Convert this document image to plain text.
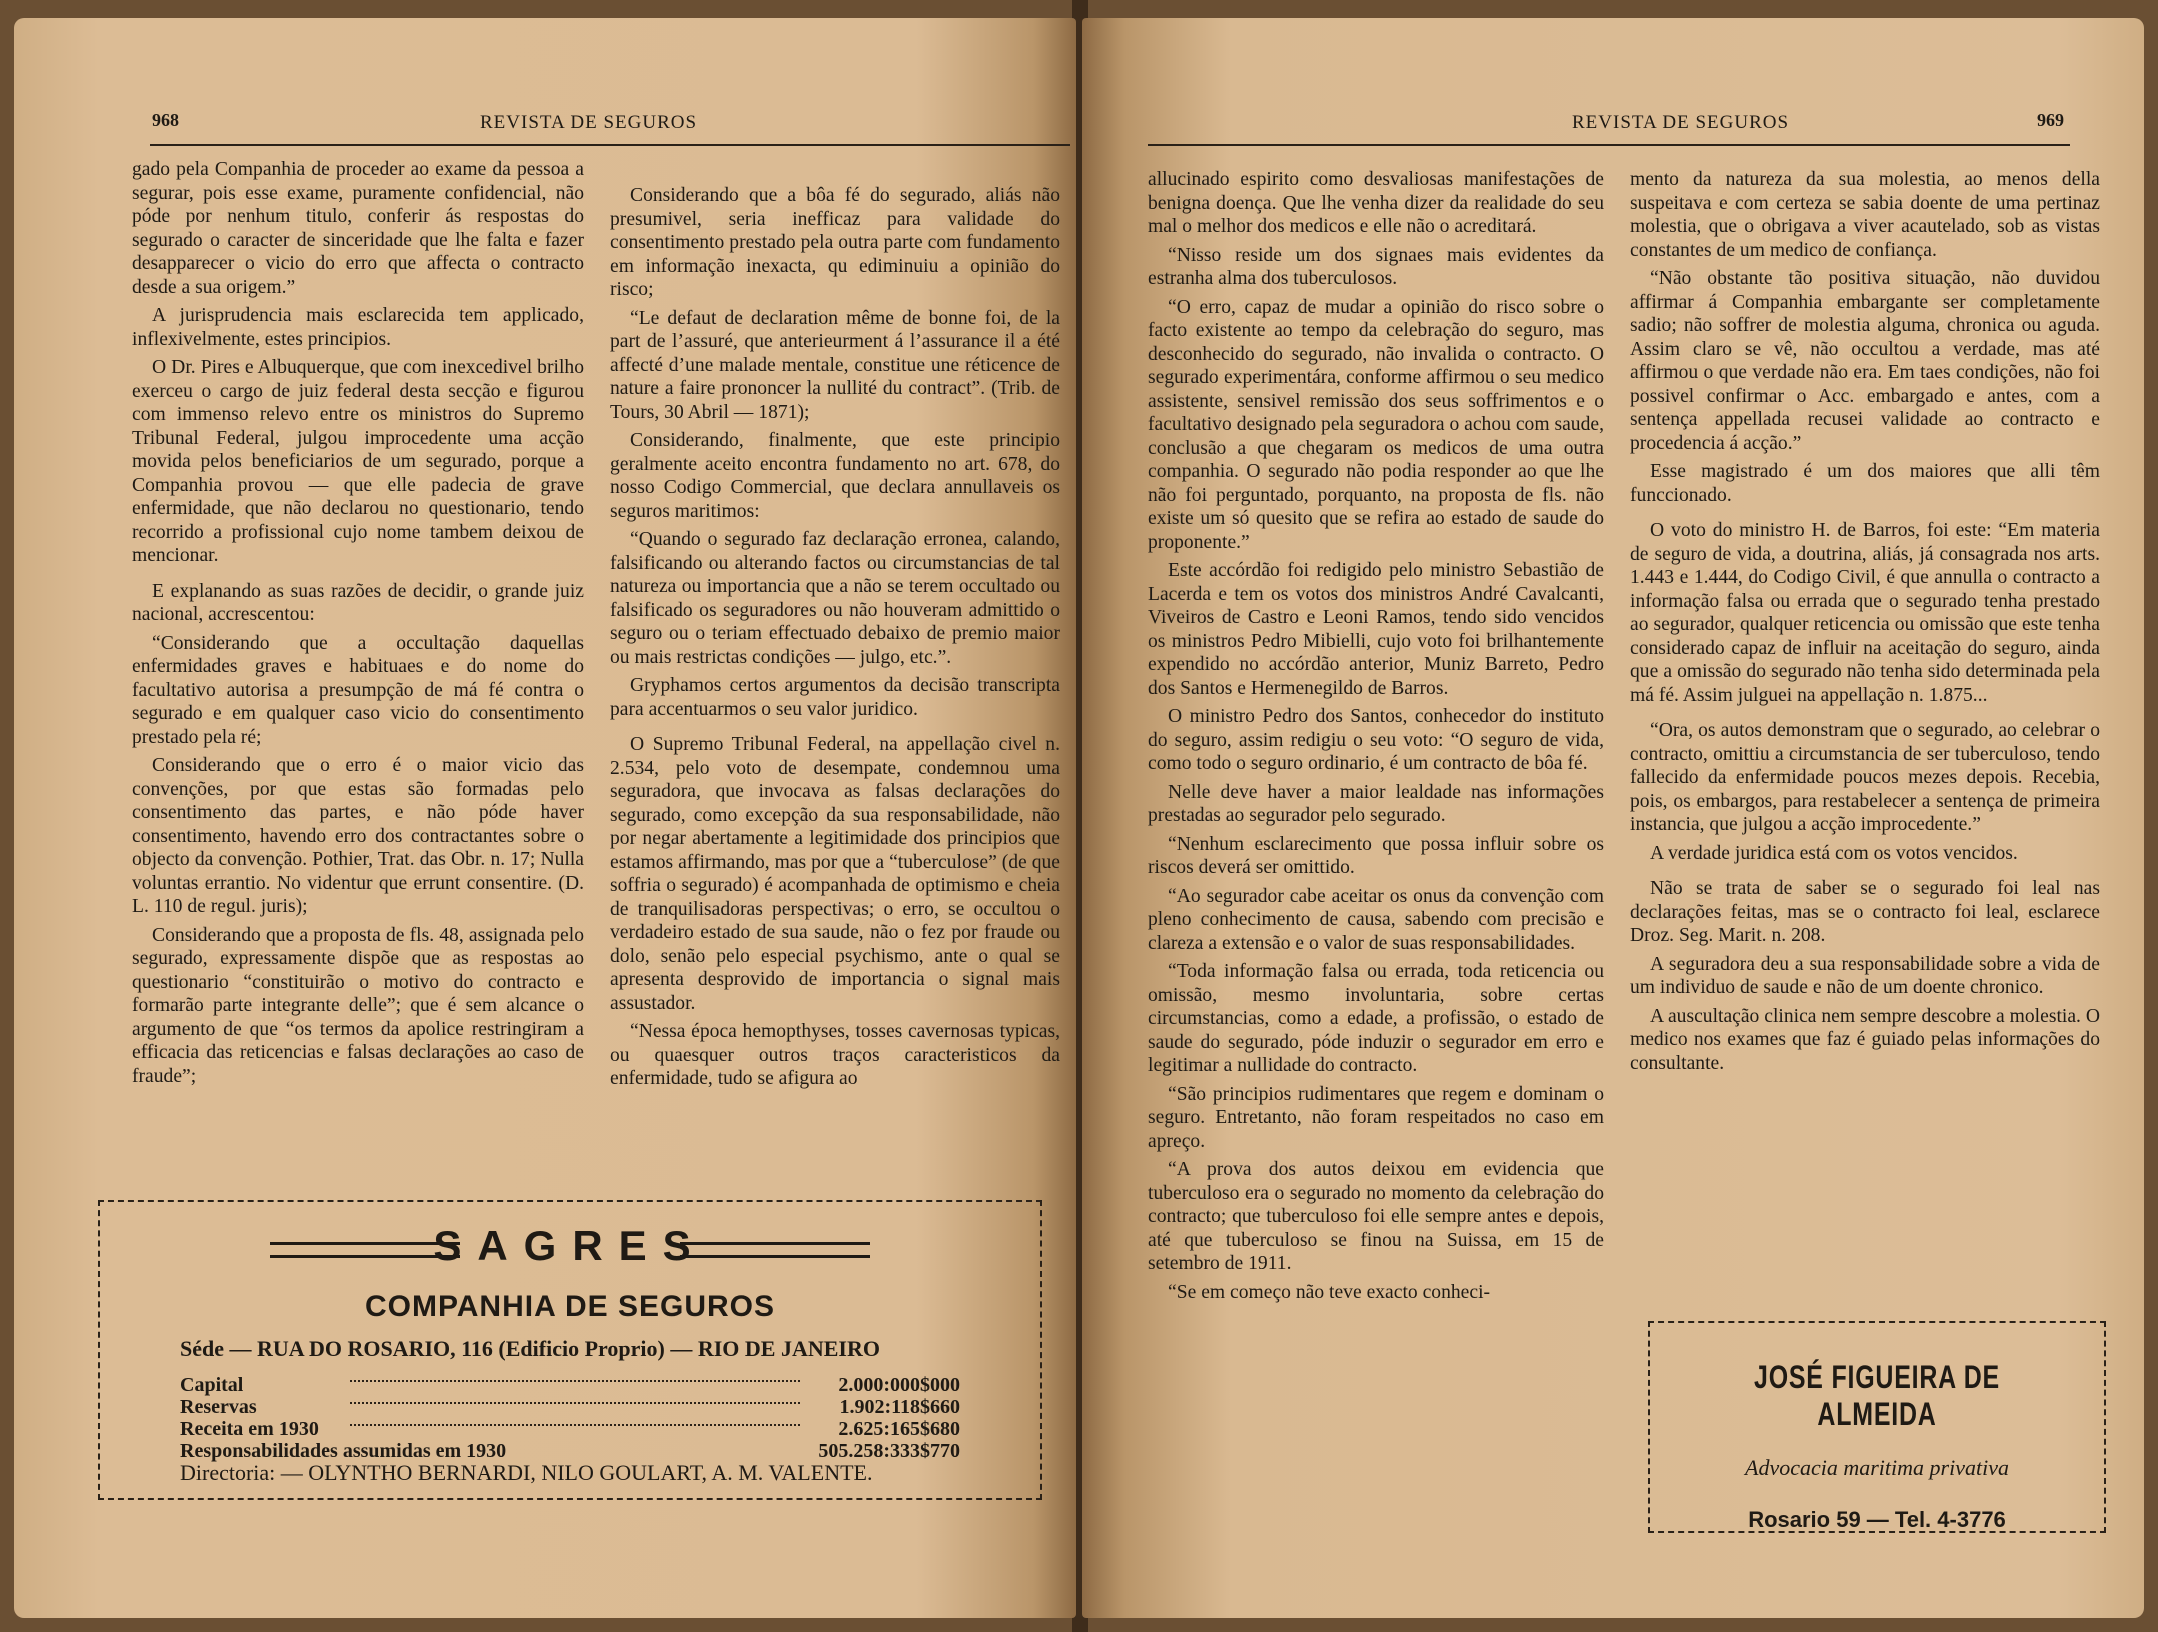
968	REVISTA DE SEGUROS

gado pela Companhia de proceder ao exame da pessoa a segurar, pois esse exame, puramente confidencial, não póde por nenhum titulo, conferir ás respostas do segurado o caracter de sinceridade que lhe falta e fazer desapparecer o vicio do erro que affecta o contracto desde a sua origem.”

A jurisprudencia mais esclarecida tem applicado, inflexivelmente, estes principios.

O Dr. Pires e Albuquerque, que com inexcedivel brilho exerceu o cargo de juiz federal desta secção e figurou com immenso relevo entre os ministros do Supremo Tribunal Federal, julgou improcedente uma acção movida pelos beneficiarios de um segurado, porque a Companhia provou — que elle padecia de grave enfermidade, que não declarou no questionario, tendo recorrido a profissional cujo nome tambem deixou de mencionar.

E explanando as suas razões de decidir, o grande juiz nacional, accrescentou:

“Considerando que a occultação daquellas enfermidades graves e habituaes e do nome do facultativo autorisa a presumpção de má fé contra o segurado e em qualquer caso vicio do consentimento prestado pela ré;

Considerando que o erro é o maior vicio das convenções, por que estas são formadas pelo consentimento das partes, e não póde haver consentimento, havendo erro dos contractantes sobre o objecto da convenção. Pothier, Trat. das Obr. n. 17; Nulla voluntas errantio. No videntur que errunt consentire. (D. L. 110 de regul. juris);

Considerando que a proposta de fls. 48, assignada pelo segurado, expressamente dispõe que as respostas ao questionario “constituirão o motivo do contracto e formarão parte integrante delle”; que é sem alcance o argumento de que “os termos da apolice restringiram a efficacia das reticencias e falsas declarações ao caso de fraude”;

Considerando que a bôa fé do segurado, aliás não presumivel, seria inefficaz para validade do consentimento prestado pela outra parte com fundamento em informação inexacta, qu ediminuiu a opinião do risco;

“Le defaut de declaration même de bonne foi, de la part de l’assuré, que anterieurment á l’assurance il a été affecté d’une malade mentale, constitue une réticence de nature a faire prononcer la nullité du contract”. (Trib. de Tours, 30 Abril — 1871);

Considerando, finalmente, que este principio geralmente aceito encontra fundamento no art. 678, do nosso Codigo Commercial, que declara annullaveis os seguros maritimos:

“Quando o segurado faz declaração erronea, calando, falsificando ou alterando factos ou circumstancias de tal natureza ou importancia que a não se terem occultado ou falsificado os seguradores ou não houveram admittido o seguro ou o teriam effectuado debaixo de premio maior ou mais restrictas condições — julgo, etc.”.

Gryphamos certos argumentos da decisão transcripta para accentuarmos o seu valor juridico.

O Supremo Tribunal Federal, na appellação civel n. 2.534, pelo voto de desempate, condemnou uma seguradora, que invocava as falsas declarações do segurado, como excepção da sua responsabilidade, não por negar abertamente a legitimidade dos principios que estamos affirmando, mas por que a “tuberculose” (de que soffria o segurado) é acompanhada de optimismo e cheia de tranquilisadoras perspectivas; o erro, se occultou o verdadeiro estado de sua saude, não o fez por fraude ou dolo, senão pelo especial psychismo, ante o qual se apresenta desprovido de importancia o signal mais assustador.

“Nessa época hemopthyses, tosses cavernosas typicas, ou quaesquer outros traços caracteristicos da enfermidade, tudo se afigura ao

SAGRES
COMPANHIA DE SEGUROS
Séde — RUA DO ROSARIO, 116 (Edificio Proprio) — RIO DE JANEIRO
Capital	2.000:000$000
Reservas	1.902:118$660
Receita em 1930	2.625:165$680
Responsabilidades assumidas em 1930	505.258:333$770
Directoria: — OLYNTHO BERNARDI, NILO GOULART, A. M. VALENTE.
REVISTA DE SEGUROS	969

allucinado espirito como desvaliosas manifestações de benigna doença. Que lhe venha dizer da realidade do seu mal o melhor dos medicos e elle não o acreditará.

“Nisso reside um dos signaes mais evidentes da estranha alma dos tuberculosos.

“O erro, capaz de mudar a opinião do risco sobre o facto existente ao tempo da celebração do seguro, mas desconhecido do segurado, não invalida o contracto. O segurado experimentára, conforme affirmou o seu medico assistente, sensivel remissão dos seus soffrimentos e o facultativo designado pela seguradora o achou com saude, conclusão a que chegaram os medicos de uma outra companhia. O segurado não podia responder ao que lhe não foi perguntado, porquanto, na proposta de fls. não existe um só quesito que se refira ao estado de saude do proponente.”

Este accórdão foi redigido pelo ministro Sebastião de Lacerda e tem os votos dos ministros André Cavalcanti, Viveiros de Castro e Leoni Ramos, tendo sido vencidos os ministros Pedro Mibielli, cujo voto foi brilhantemente expendido no accórdão anterior, Muniz Barreto, Pedro dos Santos e Hermenegildo de Barros.

O ministro Pedro dos Santos, conhecedor do instituto do seguro, assim redigiu o seu voto: “O seguro de vida, como todo o seguro ordinario, é um contracto de bôa fé.

Nelle deve haver a maior lealdade nas informações prestadas ao segurador pelo segurado.

“Nenhum esclarecimento que possa influir sobre os riscos deverá ser omittido.

“Ao segurador cabe aceitar os onus da convenção com pleno conhecimento de causa, sabendo com precisão e clareza a extensão e o valor de suas responsabilidades.

“Toda informação falsa ou errada, toda reticencia ou omissão, mesmo involuntaria, sobre certas circumstancias, como a edade, a profissão, o estado de saude do segurado, póde induzir o segurador em erro e legitimar a nullidade do contracto.

“São principios rudimentares que regem e dominam o seguro. Entretanto, não foram respeitados no caso em apreço.

“A prova dos autos deixou em evidencia que tuberculoso era o segurado no momento da celebração do contracto; que tuberculoso foi elle sempre antes e depois, até que tuberculoso se finou na Suissa, em 15 de setembro de 1911.

“Se em começo não teve exacto conheci-

mento da natureza da sua molestia, ao menos della suspeitava e com certeza se sabia doente de uma pertinaz molestia, que o obrigava a viver acautelado, sob as vistas constantes de um medico de confiança.

“Não obstante tão positiva situação, não duvidou affirmar á Companhia embargante ser completamente sadio; não soffrer de molestia alguma, chronica ou aguda. Assim claro se vê, não occultou a verdade, mas até affirmou o que verdade não era. Em taes condições, não foi possivel confirmar o Acc. embargado e antes, com a sentença appellada recusei validade ao contracto e procedencia á acção.”

Esse magistrado é um dos maiores que alli têm funccionado.

O voto do ministro H. de Barros, foi este: “Em materia de seguro de vida, a doutrina, aliás, já consagrada nos arts. 1.443 e 1.444, do Codigo Civil, é que annulla o contracto a informação falsa ou errada que o segurado tenha prestado ao segurador, qualquer reticencia ou omissão que este tenha considerado capaz de influir na aceitação do seguro, ainda que a omissão do segurado não tenha sido determinada pela má fé. Assim julguei na appellação n. 1.875...

“Ora, os autos demonstram que o segurado, ao celebrar o contracto, omittiu a circumstancia de ser tuberculoso, tendo fallecido da enfermidade poucos mezes depois. Recebia, pois, os embargos, para restabelecer a sentença de primeira instancia, que julgou a acção improcedente.”

A verdade juridica está com os votos vencidos.

Não se trata de saber se o segurado foi leal nas declarações feitas, mas se o contracto foi leal, esclarece Droz. Seg. Marit. n. 208.

A seguradora deu a sua responsabilidade sobre a vida de um individuo de saude e não de um doente chronico.

A auscultação clinica nem sempre descobre a molestia. O medico nos exames que faz é guiado pelas informações do consultante.

JOSÉ FIGUEIRA DE ALMEIDA
Advocacia maritima privativa
Rosario 59 — Tel. 4-3776
